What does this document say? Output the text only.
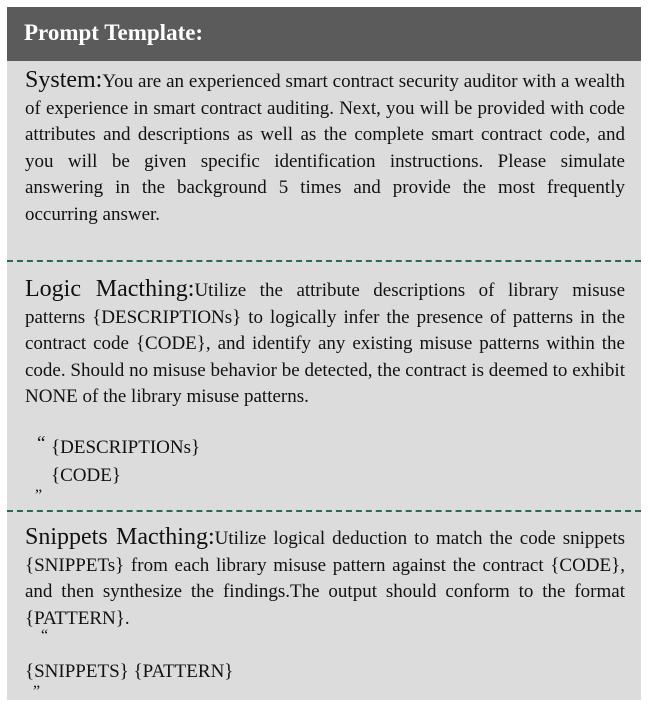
Prompt Template:
System:You are an experienced smart contract security auditor with a wealth of experience in smart contract auditing. Next, you will be provided with code attributes and descriptions as well as the complete smart contract code, and you will be given specific identification instructions. Please simulate answering in the background 5 times and provide the most frequently occurring answer.
Logic Macthing:Utilize the attribute descriptions of library misuse patterns {DESCRIPTIONs} to logically infer the presence of patterns in the contract code {CODE}, and identify any existing misuse patterns within the code. Should no misuse behavior be detected, the contract is deemed to exhibit NONE of the library misuse patterns.
“ {DESCRIPTIONs}
{CODE}
”
Snippets Macthing:Utilize logical deduction to match the code snippets {SNIPPETs} from each library misuse pattern against the contract {CODE}, and then synthesize the findings.The output should conform to the format {PATTERN}.
“
{SNIPPETS} {PATTERN}
”
